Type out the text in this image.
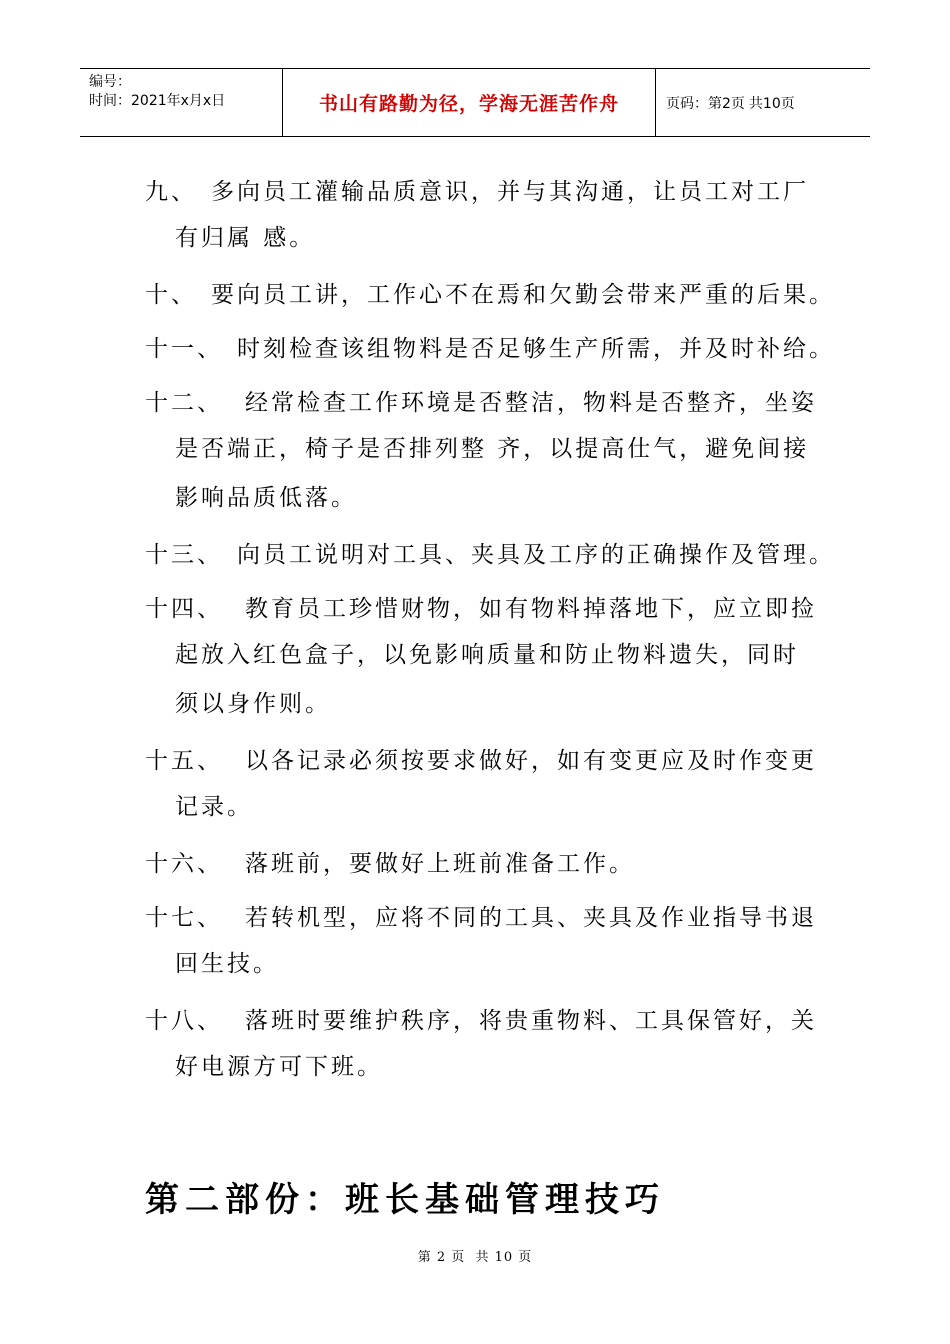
编号：
时间：2021年x月x日	书山有路勤为径，学海无涯苦作舟	页码：第2页 共10页
九、 多向员工灌输品质意识，并与其沟通，让员工对工厂
有归属 感。
十、 要向员工讲，工作心不在焉和欠勤会带来严重的后果。
十一、 时刻检查该组物料是否足够生产所需，并及时补给。
十二、 经常检查工作环境是否整洁，物料是否整齐，坐姿
是否端正，椅子是否排列整 齐，以提高仕气，避免间接
影响品质低落。
十三、 向员工说明对工具、夹具及工序的正确操作及管理。
十四、 教育员工珍惜财物，如有物料掉落地下，应立即捡
起放入红色盒子，以免影响质量和防止物料遗失，同时
须以身作则。
十五、 以各记录必须按要求做好，如有变更应及时作变更
记录。
十六、 落班前，要做好上班前准备工作。
十七、 若转机型，应将不同的工具、夹具及作业指导书退
回生技。
十八、 落班时要维护秩序，将贵重物料、工具保管好，关
好电源方可下班。
第二部份：班长基础管理技巧
第 2 页 共 10 页
